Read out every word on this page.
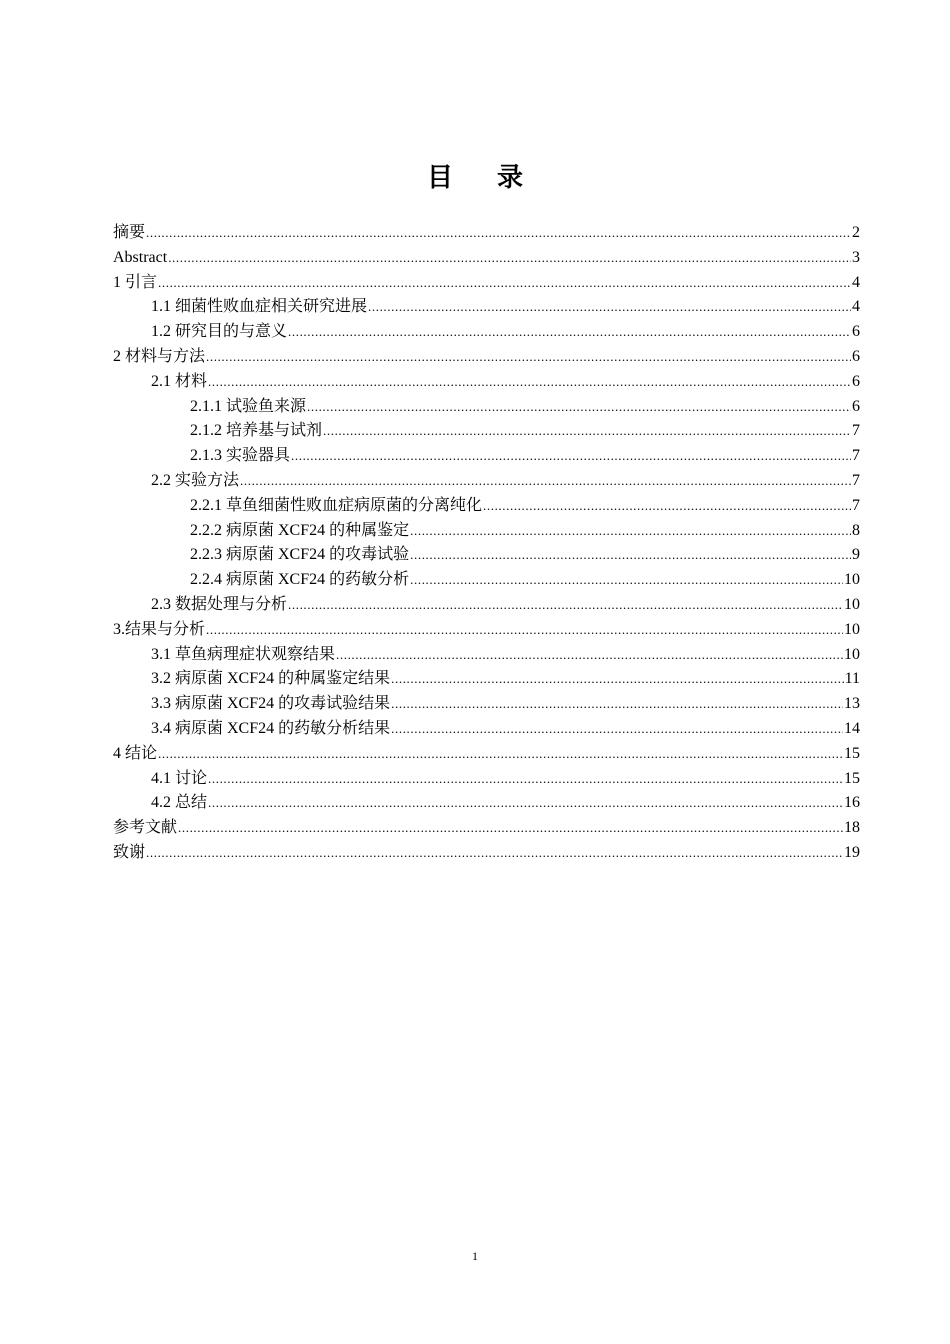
目录
摘要 .....	2
Abstract .....	3
1 引言 .....	4
1.1 细菌性败血症相关研究进展 .....	4
1.2 研究目的与意义 .....	6
2 材料与方法 .....	6
2.1 材料 .....	6
2.1.1 试验鱼来源 .....	6
2.1.2 培养基与试剂 .....	7
2.1.3 实验器具 .....	7
2.2 实验方法 .....	7
2.2.1 草鱼细菌性败血症病原菌的分离纯化 .....	7
2.2.2 病原菌 XCF24 的种属鉴定 .....	8
2.2.3 病原菌 XCF24 的攻毒试验 .....	9
2.2.4 病原菌 XCF24 的药敏分析 .....	10
2.3 数据处理与分析 .....	10
3.结果与分析 .....	10
3.1 草鱼病理症状观察结果 .....	10
3.2 病原菌 XCF24 的种属鉴定结果 .....	11
3.3 病原菌 XCF24 的攻毒试验结果 .....	13
3.4 病原菌 XCF24 的药敏分析结果 .....	14
4 结论 .....	15
4.1 讨论 .....	15
4.2 总结 .....	16
参考文献 .....	18
致谢 .....	19
1
